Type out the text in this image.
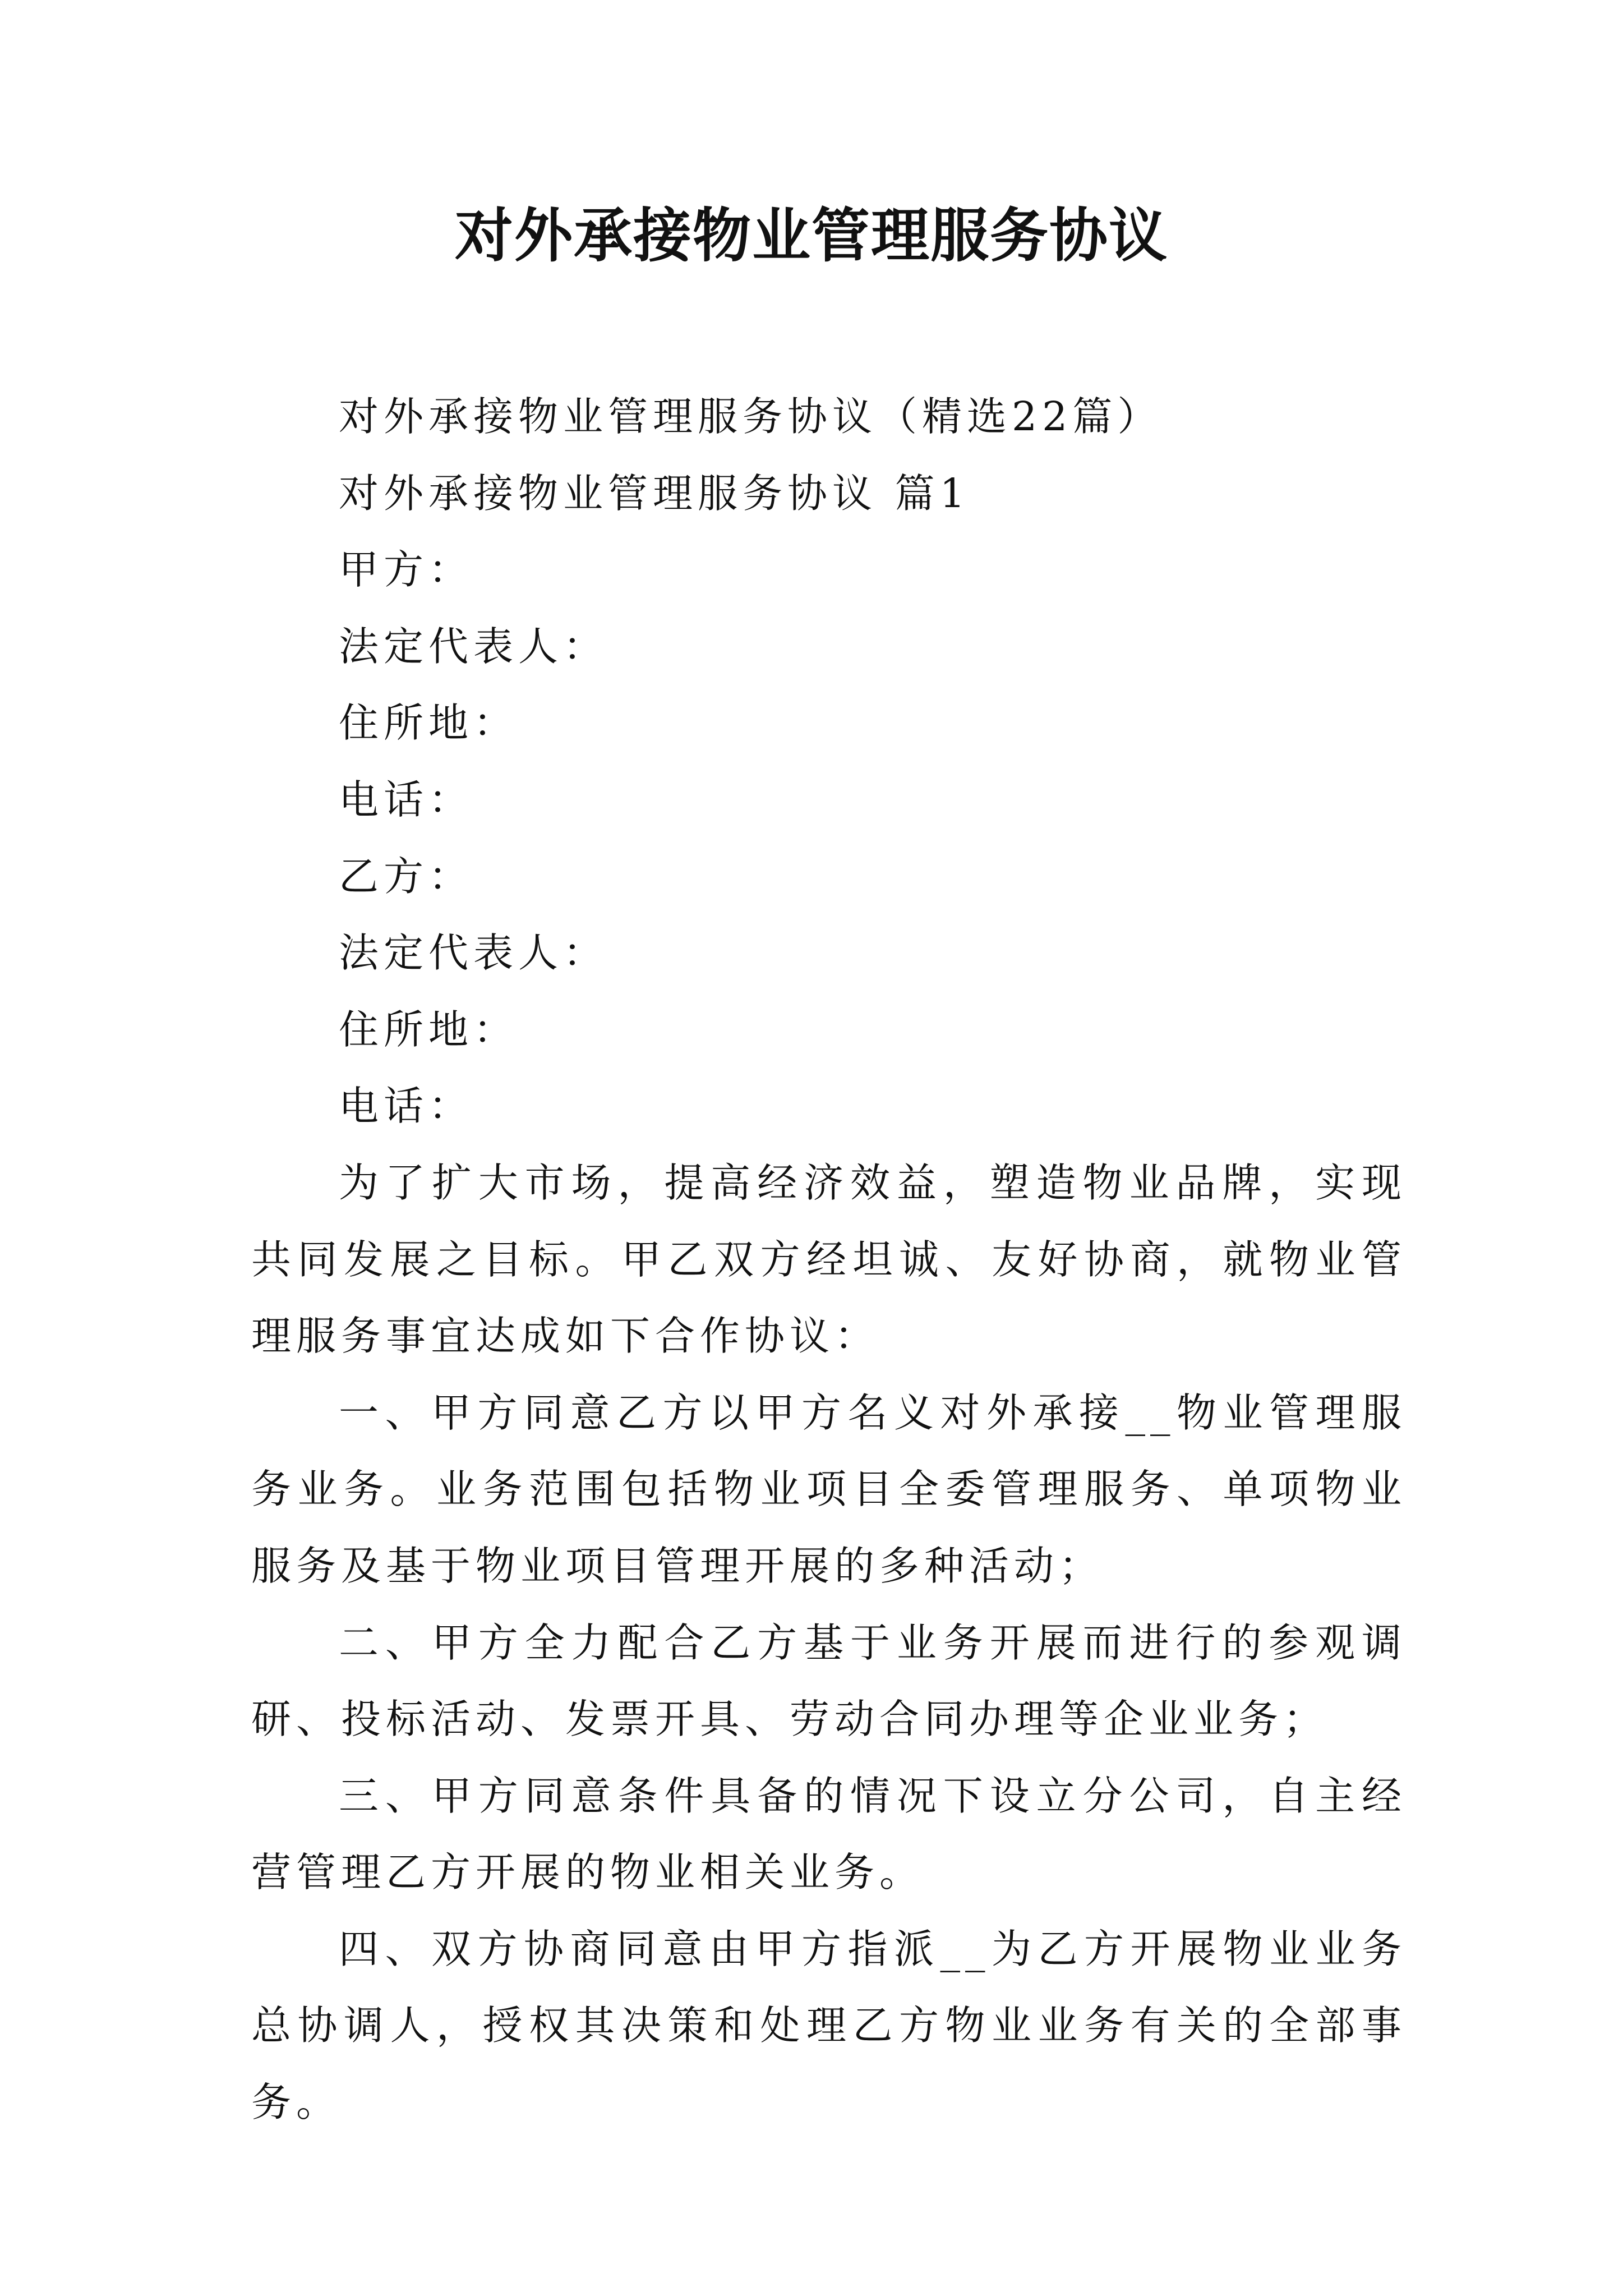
对外承接物业管理服务协议

对外承接物业管理服务协议（精选22篇）

对外承接物业管理服务协议 篇1

甲方：

法定代表人：

住所地：

电话：

乙方：

法定代表人：

住所地：

电话：

为了扩大市场，提高经济效益，塑造物业品牌，实现共同发展之目标。甲乙双方经坦诚、友好协商，就物业管理服务事宜达成如下合作协议：

一、甲方同意乙方以甲方名义对外承接__物业管理服务业务。业务范围包括物业项目全委管理服务、单项物业服务及基于物业项目管理开展的多种活动；

二、甲方全力配合乙方基于业务开展而进行的参观调研、投标活动、发票开具、劳动合同办理等企业业务；

三、甲方同意条件具备的情况下设立分公司，自主经营管理乙方开展的物业相关业务。

四、双方协商同意由甲方指派__为乙方开展物业业务总协调人，授权其决策和处理乙方物业业务有关的全部事务。
